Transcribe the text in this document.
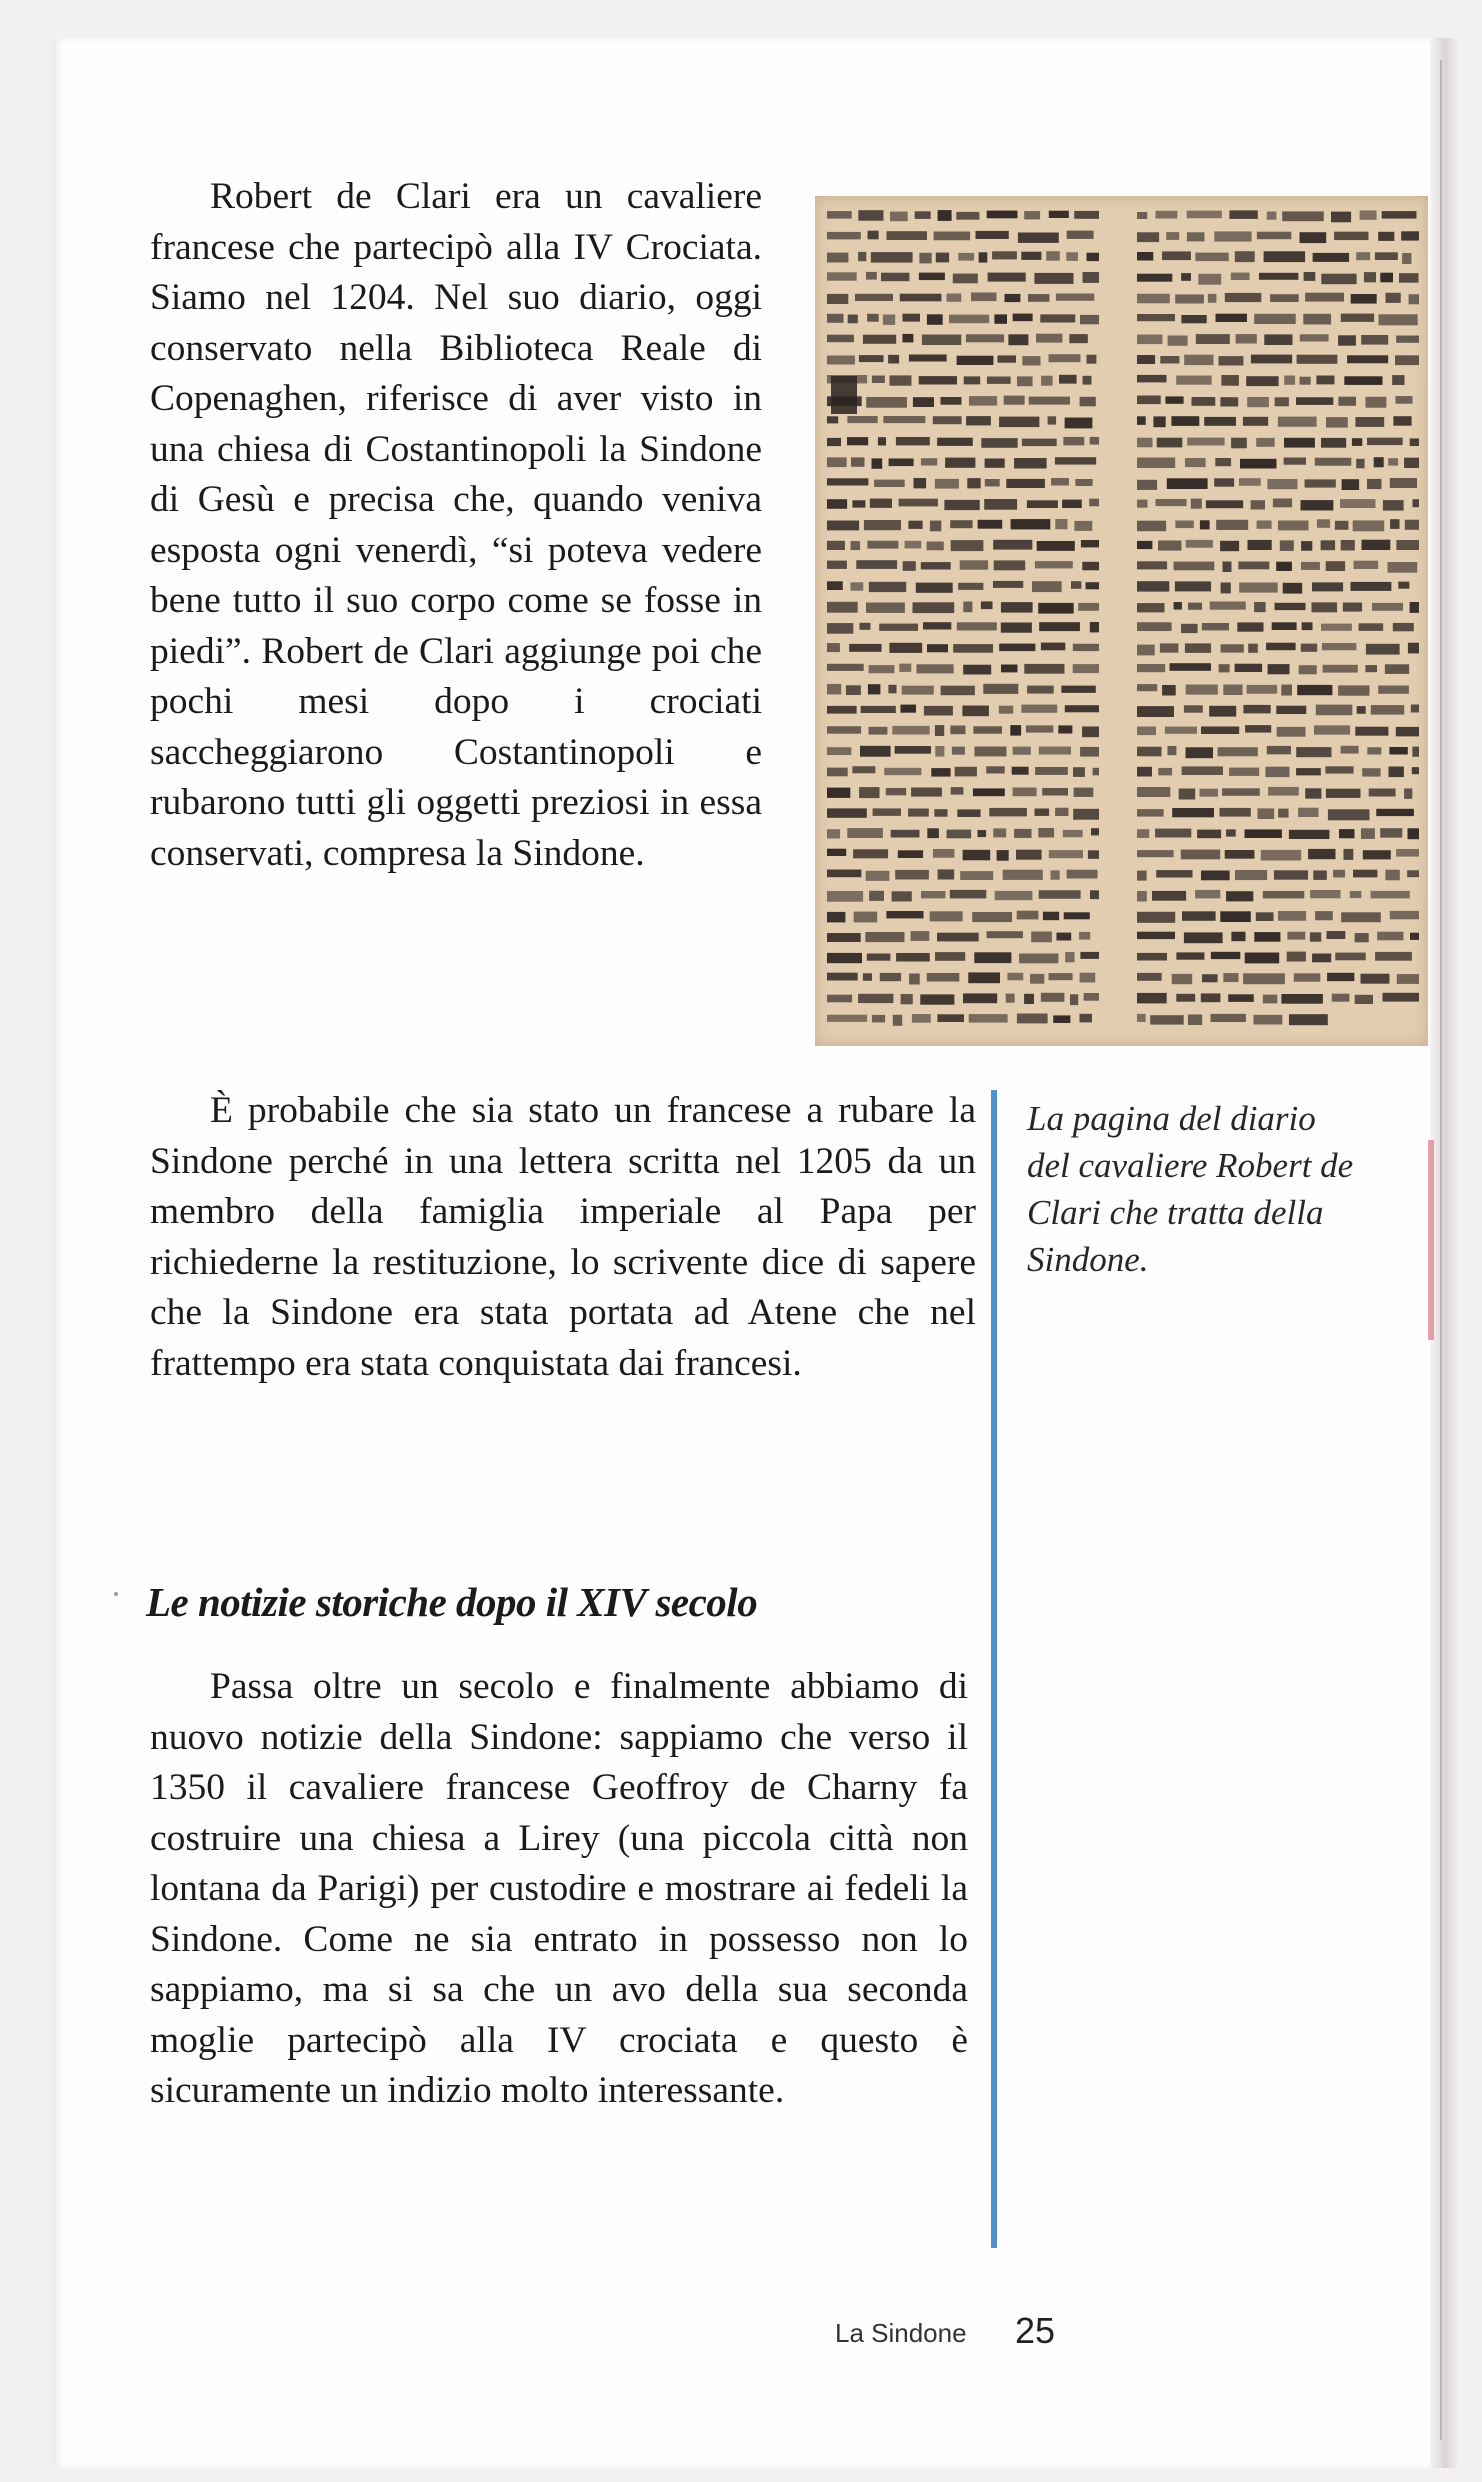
Robert de Clari era un cavaliere francese che partecipò alla IV Crociata. Siamo nel 1204. Nel suo diario, oggi conservato nella Biblioteca Reale di Copenaghen, riferisce di aver visto in una chiesa di Costantinopoli la Sindone di Gesù e precisa che, quando veniva esposta ogni venerdì, “si poteva vedere bene tutto il suo corpo come se fosse in piedi”. Robert de Clari aggiunge poi che pochi mesi dopo i crociati saccheggiarono Costantinopoli e rubarono tutti gli oggetti preziosi in essa conservati, compresa la Sindone.

È probabile che sia stato un francese a rubare la Sindone perché in una lettera scritta nel 1205 da un membro della famiglia imperiale al Papa per richiederne la restituzione, lo scrivente dice di sapere che la Sindone era stata portata ad Atene che nel frattempo era stata conquistata dai francesi.

La pagina del diario del cavaliere Robert de Clari che tratta della Sindone.

Le notizie storiche dopo il XIV secolo

Passa oltre un secolo e finalmente abbiamo di nuovo notizie della Sindone: sappiamo che verso il 1350 il cavaliere francese Geoffroy de Charny fa costruire una chiesa a Lirey (una piccola città non lontana da Parigi) per custodire e mostrare ai fedeli la Sindone. Come ne sia entrato in possesso non lo sappiamo, ma si sa che un avo della sua seconda moglie partecipò alla IV crociata e questo è sicuramente un indizio molto interessante.

La Sindone 25
